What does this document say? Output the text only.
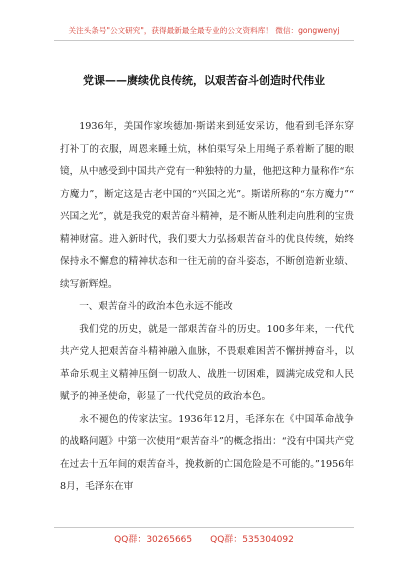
关注头条号"公文研究"，获得最新最全最专业的公文资料库！ 微信：gongwenyj
党课——赓续优良传统，以艰苦奋斗创造时代伟业

1936年，美国作家埃德加·斯诺来到延安采访，他看到毛泽东穿打补丁的衣服，周恩来睡土炕，林伯渠写朵上用绳子系着断了腿的眼镜，从中感受到中国共产党有一种独特的力量，他把这种力量称作“东方魔力”，断定这是古老中国的“兴国之光”。斯诺所称的“东方魔力”“兴国之光”，就是我党的艰苦奋斗精神，是不断从胜利走向胜利的宝贵精神财富。进入新时代，我们要大力弘扬艰苦奋斗的优良传统，始终保持永不懈怠的精神状态和一往无前的奋斗姿态，不断创造新业绩、续写新辉煌。

一、艰苦奋斗的政治本色永远不能改

我们党的历史，就是一部艰苦奋斗的历史。100多年来，一代代共产党人把艰苦奋斗精神融入血脉，不畏艰难困苦不懈拼搏奋斗，以革命乐观主义精神压倒一切敌人、战胜一切困难，圆满完成党和人民赋予的神圣使命，彰显了一代代党员的政治本色。

永不褪色的传家法宝。1936年12月，毛泽东在《中国革命战争的战略问题》中第一次使用“艰苦奋斗”的概念指出：“没有中国共产党在过去十五年间的艰苦奋斗，挽救新的亡国危险是不可能的。”1956年8月，毛泽东在审

QQ群：30265665 QQ群：535304092
